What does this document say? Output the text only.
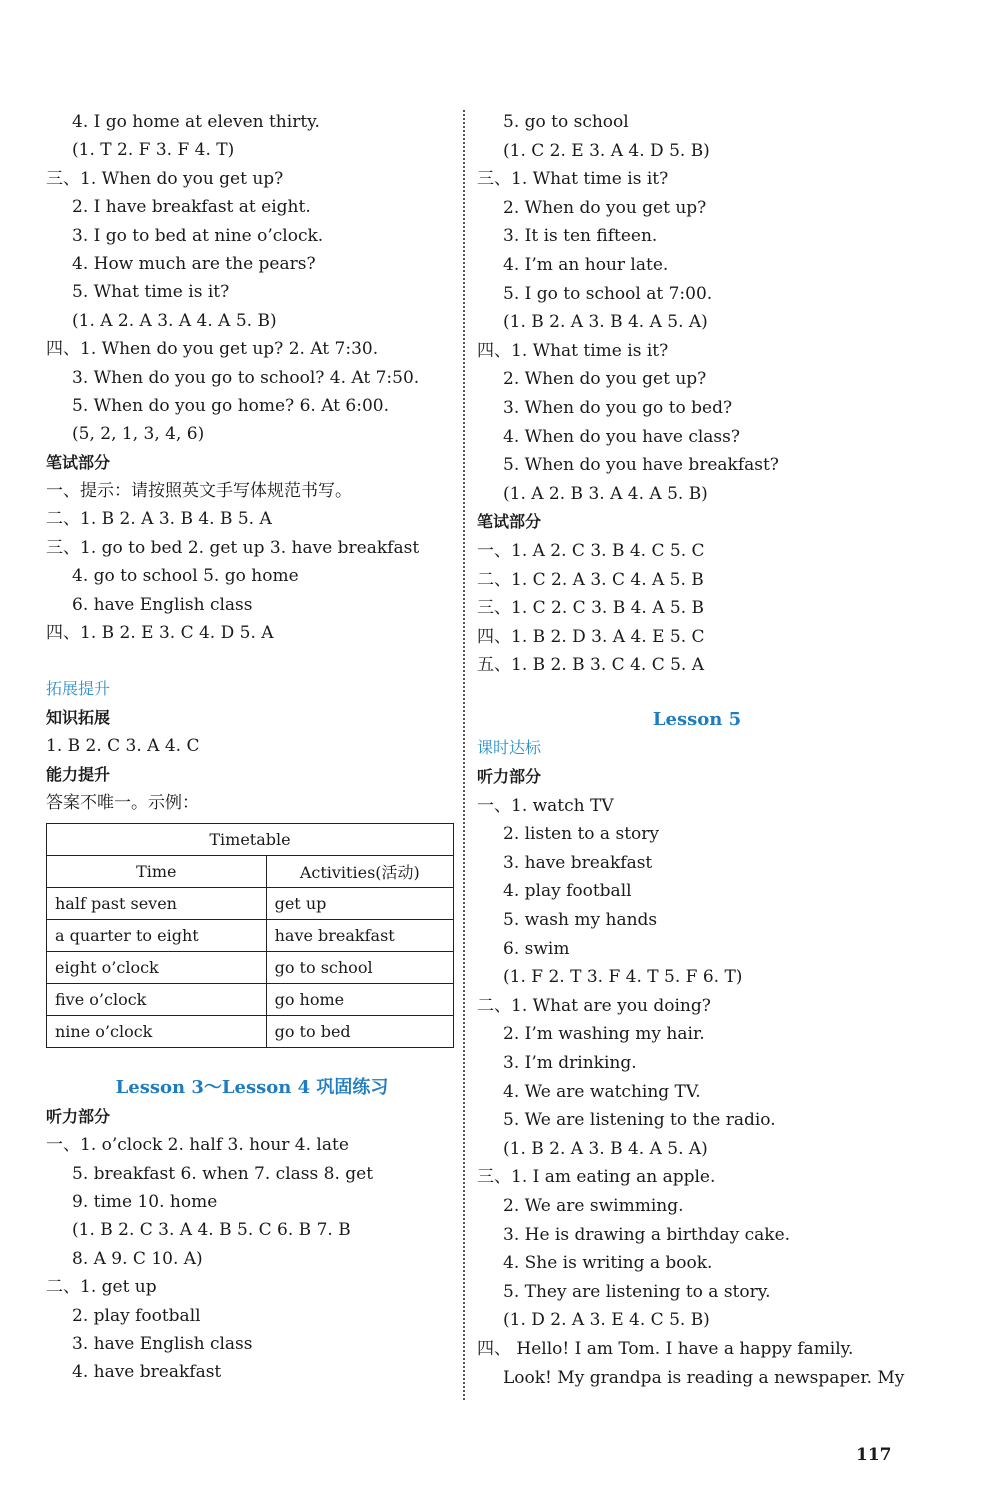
4. I go home at eleven thirty.
(1. T 2. F 3. F 4. T)
三、1. When do you get up?
2. I have breakfast at eight.
3. I go to bed at nine o’clock.
4. How much are the pears?
5. What time is it?
(1. A 2. A 3. A 4. A 5. B)
四、1. When do you get up? 2. At 7:30.
3. When do you go to school? 4. At 7:50.
5. When do you go home? 6. At 6:00.
(5, 2, 1, 3, 4, 6)
笔试部分
一、提示：请按照英文手写体规范书写。
二、1. B 2. A 3. B 4. B 5. A
三、1. go to bed 2. get up 3. have breakfast
4. go to school 5. go home
6. have English class
四、1. B 2. E 3. C 4. D 5. A
拓展提升
知识拓展
1. B 2. C 3. A 4. C
能力提升
答案不唯一。示例：
Timetable	
Time	Activities(活动)
half past seven	get up
a quarter to eight	have breakfast
eight o’clock	go to school
five o’clock	go home
nine o’clock	go to bed
Lesson 3～Lesson 4 巩固练习
听力部分
一、1. o’clock 2. half 3. hour 4. late
5. breakfast 6. when 7. class 8. get
9. time 10. home
(1. B 2. C 3. A 4. B 5. C 6. B 7. B
8. A 9. C 10. A)
二、1. get up
2. play football
3. have English class
4. have breakfast
5. go to school
(1. C 2. E 3. A 4. D 5. B)
三、1. What time is it?
2. When do you get up?
3. It is ten fifteen.
4. I’m an hour late.
5. I go to school at 7:00.
(1. B 2. A 3. B 4. A 5. A)
四、1. What time is it?
2. When do you get up?
3. When do you go to bed?
4. When do you have class?
5. When do you have breakfast?
(1. A 2. B 3. A 4. A 5. B)
笔试部分
一、1. A 2. C 3. B 4. C 5. C
二、1. C 2. A 3. C 4. A 5. B
三、1. C 2. C 3. B 4. A 5. B
四、1. B 2. D 3. A 4. E 5. C
五、1. B 2. B 3. C 4. C 5. A
Lesson 5
课时达标
听力部分
一、1. watch TV
2. listen to a story
3. have breakfast
4. play football
5. wash my hands
6. swim
(1. F 2. T 3. F 4. T 5. F 6. T)
二、1. What are you doing?
2. I’m washing my hair.
3. I’m drinking.
4. We are watching TV.
5. We are listening to the radio.
(1. B 2. A 3. B 4. A 5. A)
三、1. I am eating an apple.
2. We are swimming.
3. He is drawing a birthday cake.
4. She is writing a book.
5. They are listening to a story.
(1. D 2. A 3. E 4. C 5. B)
四、 Hello! I am Tom. I have a happy family.
Look! My grandpa is reading a newspaper. My
117
